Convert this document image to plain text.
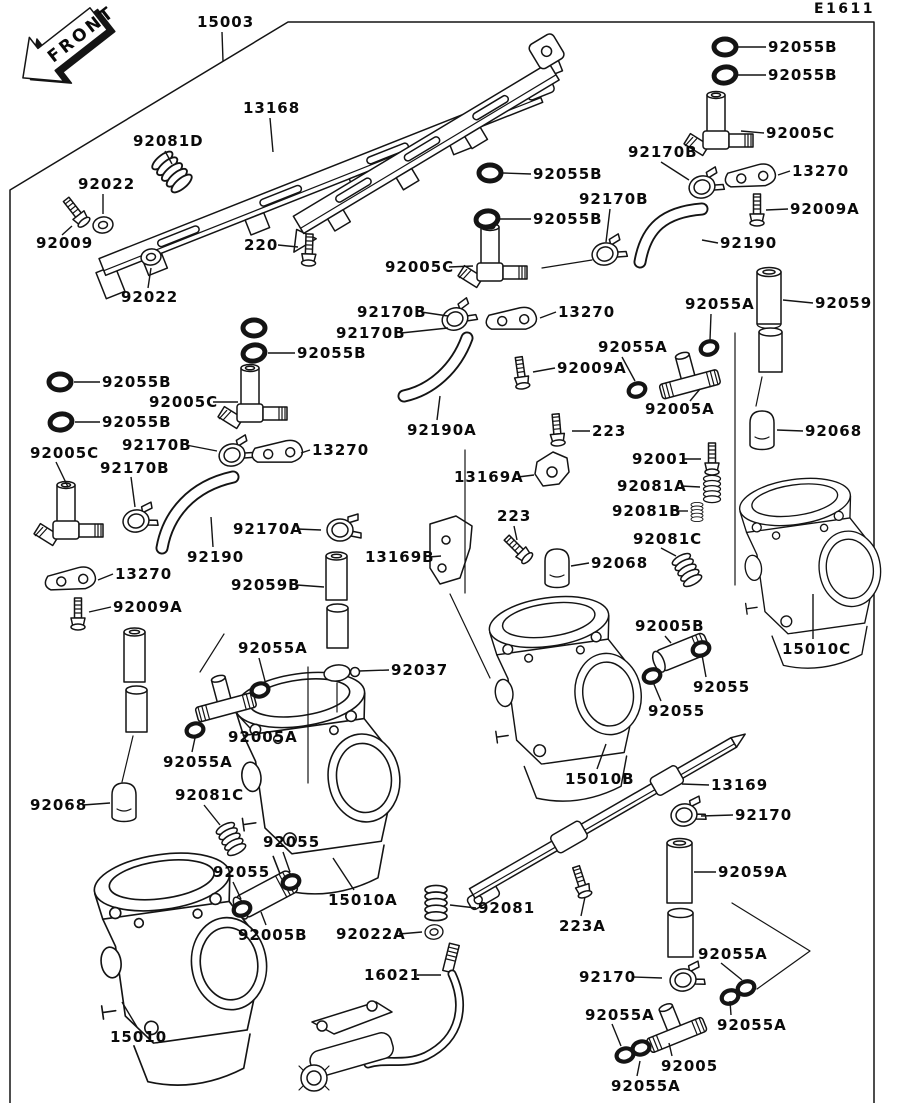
FRONT	15003
13168
92081D
92022
92009
92022
220
92055B
92055B
92005C
92170B
13270
92009A
92190
92055B
92170B
92055B
92005C
92170B	13270	92055A	92059
92170B
92055B
92055B
92005C
92055B
92005C 92170B
92170B
13270
92190
13270
92009A
92170A
92059B
13169B
92190A	223
13169A
223
92009A
92055A
92005A
92001
92081A
92081B
92081C
92068
92068
92068
15010C
92005B
92055
92055
15010B	13169
92170
92059A
92055A
92037
92005A
92055A
92081C
92055
92055
92005B
15010
15010A	92081
92022A	223A
16021	92170
92055A
92055A
92055A
92005
92055A
E1611
